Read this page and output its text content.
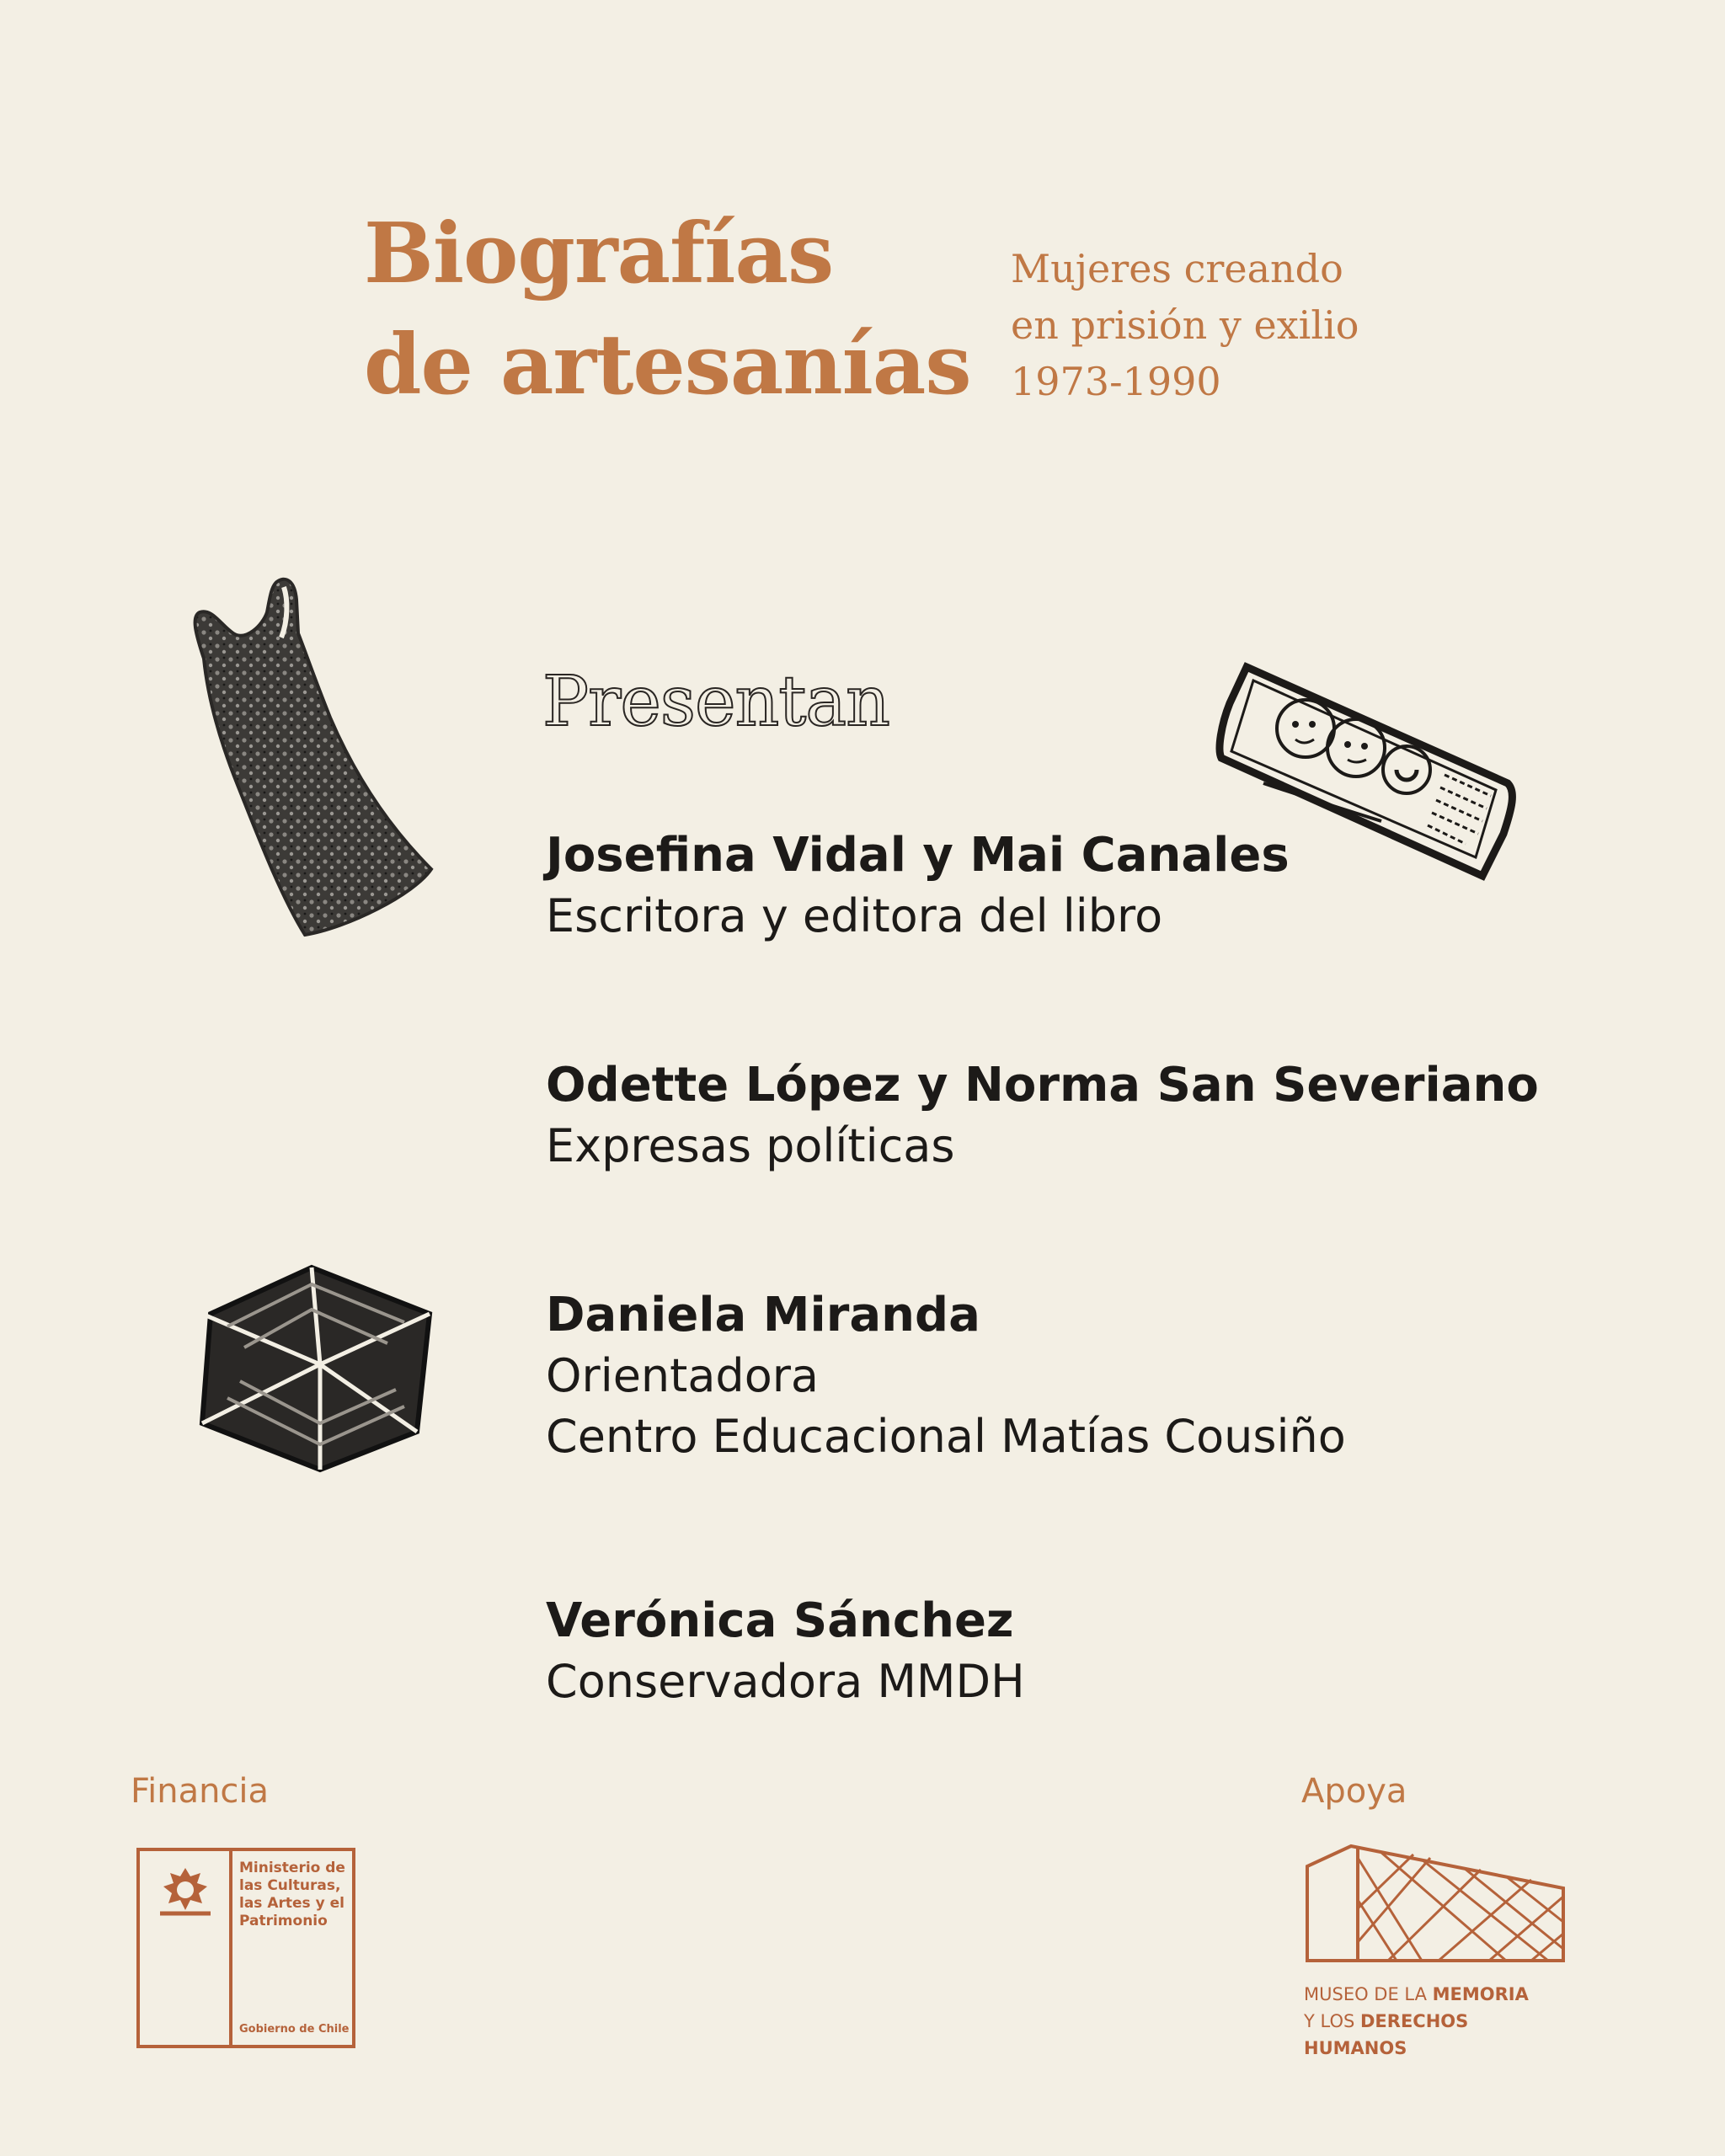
Biografías
de artesanías
Mujeres creando
en prisión y exilio
1973-1990
Presentan
Josefina Vidal y Mai Canales
Escritora y editora del libro
Odette López y Norma San Severiano
Expresas políticas
Daniela Miranda
Orientadora
Centro Educacional Matías Cousiño
Verónica Sánchez
Conservadora MMDH
Financia
Ministerio de
las Culturas,
las Artes y el
Patrimonio
Gobierno de Chile
Apoya
MUSEO DE LA MEMORIA
Y LOS DERECHOS
HUMANOS
